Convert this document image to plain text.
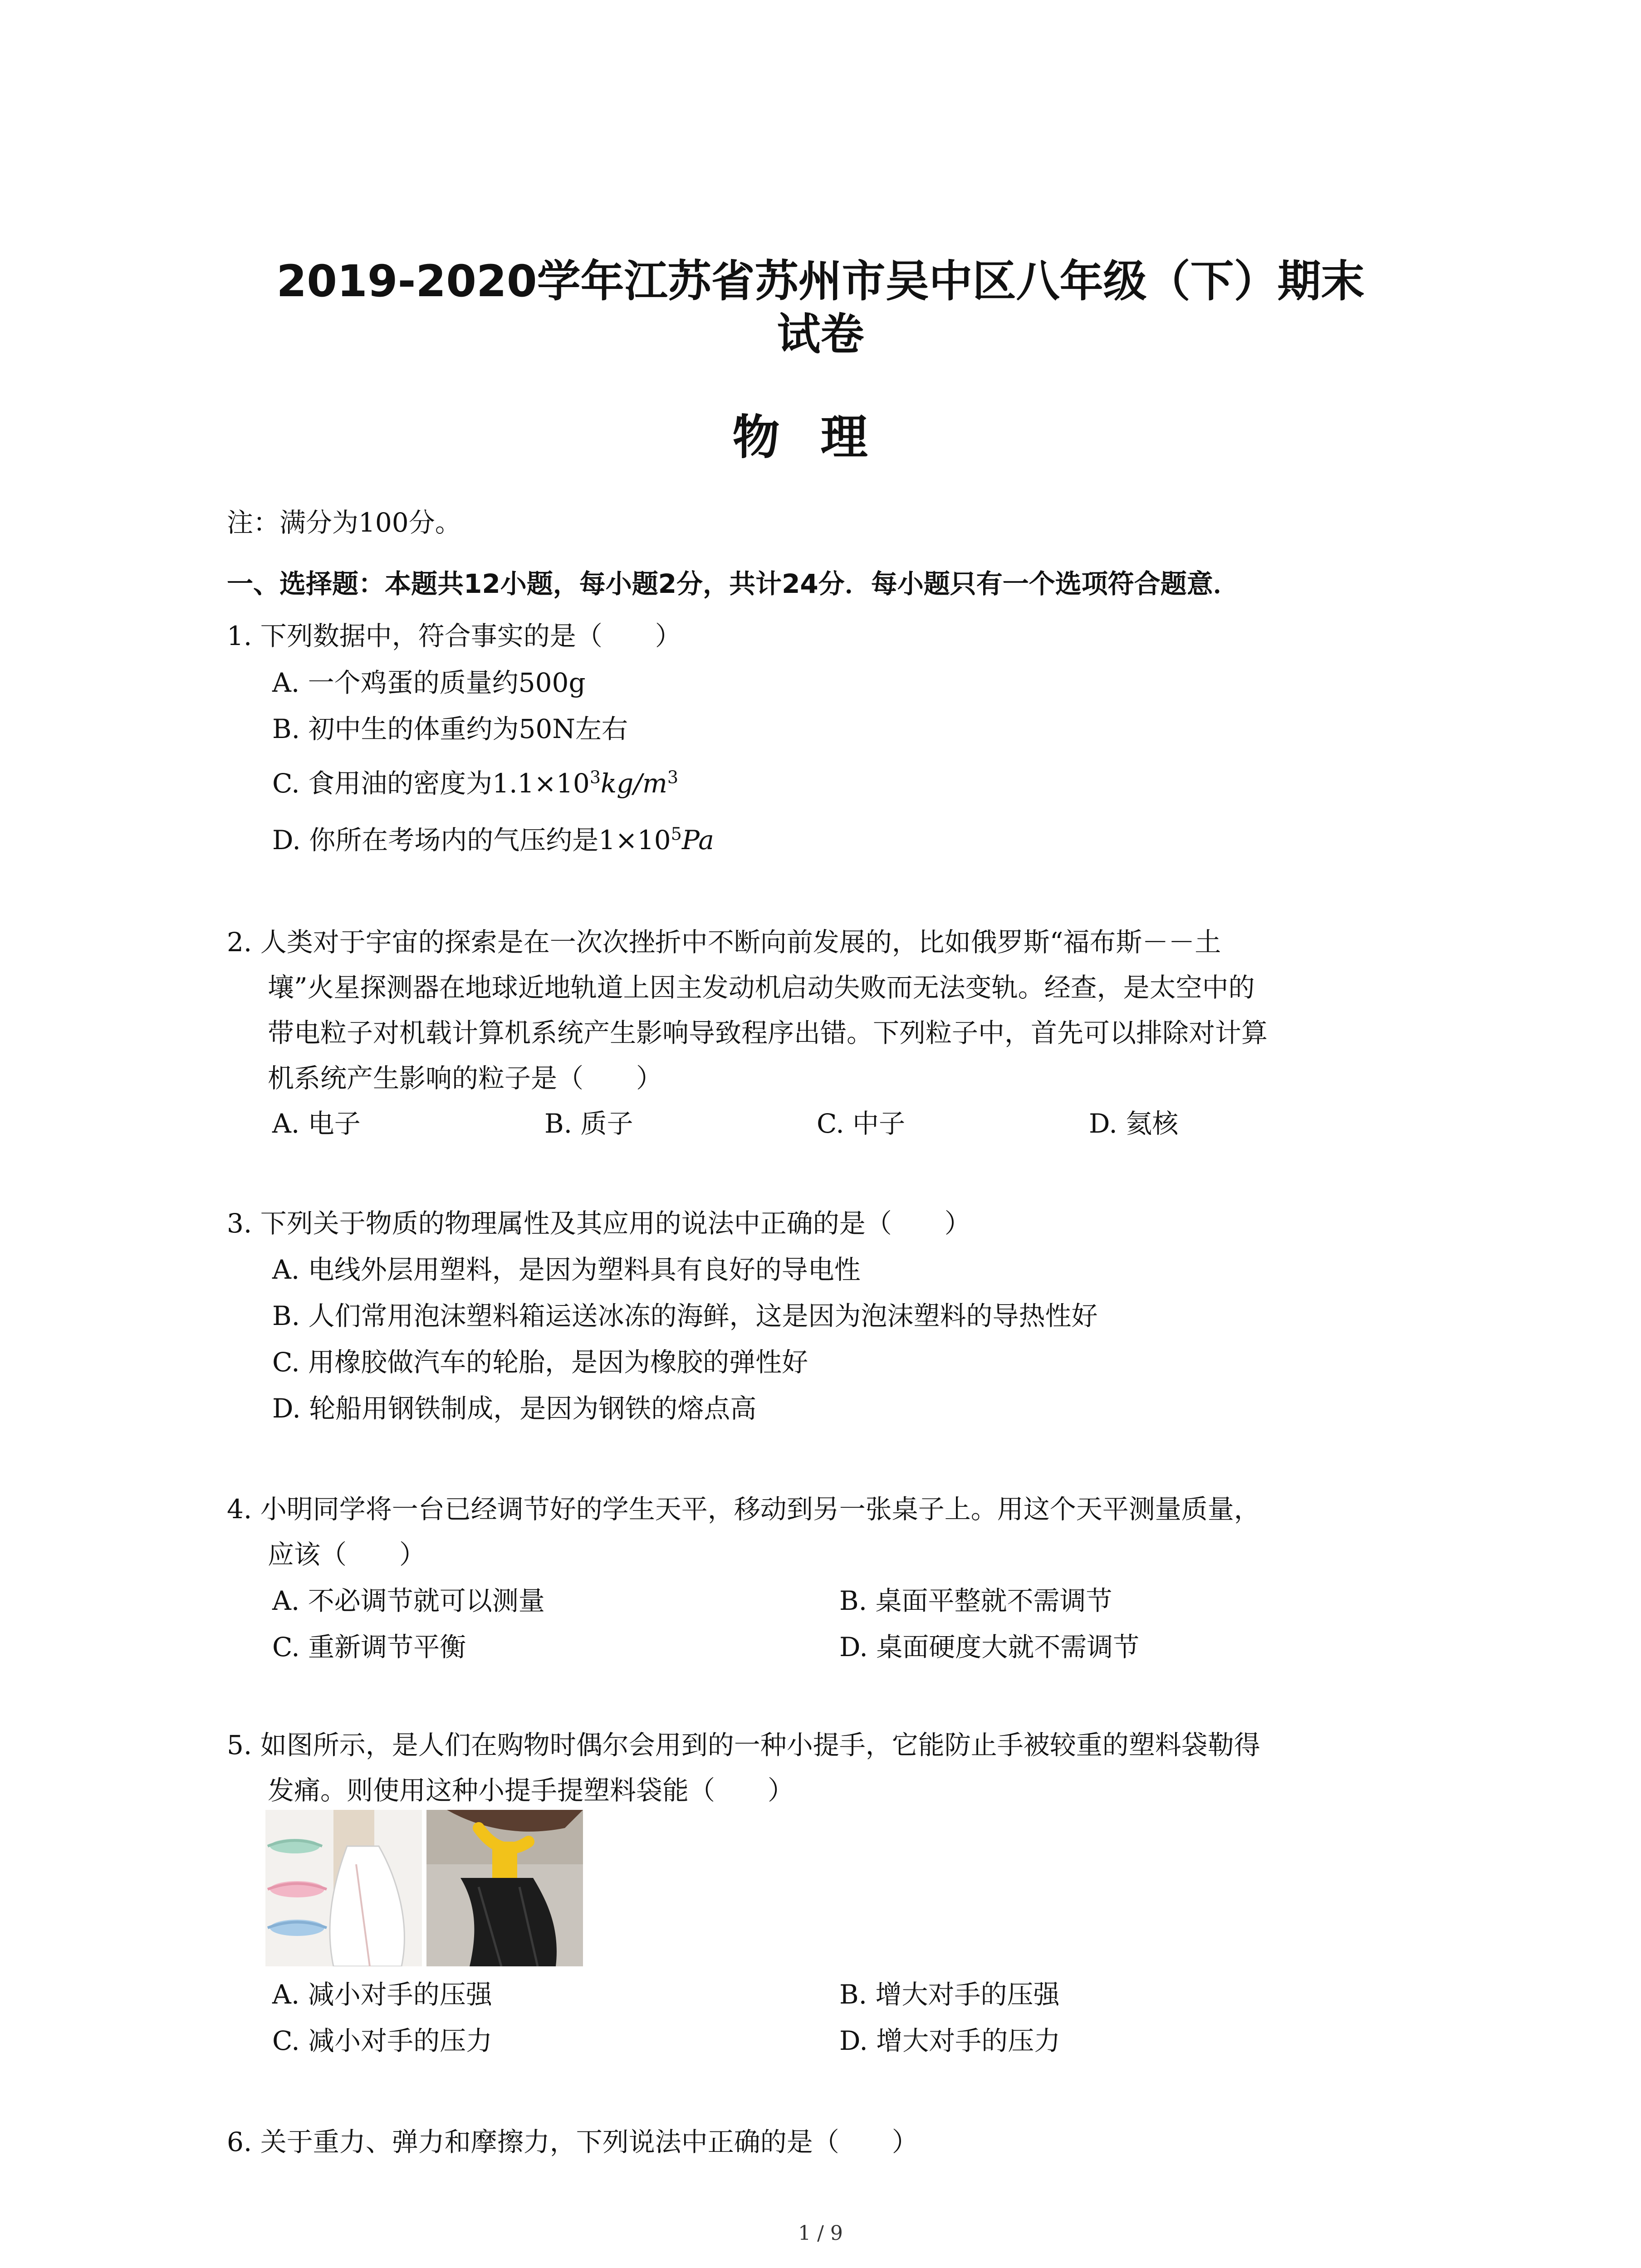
2019-2020学年江苏省苏州市吴中区八年级（下）期末
试卷
物理
注：满分为100分。
一、选择题：本题共12小题，每小题2分，共计24分．每小题只有一个选项符合题意．
1. 下列数据中，符合事实的是（　　）
A. 一个鸡蛋的质量约500g
B. 初中生的体重约为50N左右
C. 食用油的密度为$1.1\times 10^3kg/m^3$
D. 你所在考场内的气压约是$1\times 10^5Pa$
2. 人类对于宇宙的探索是在一次次挫折中不断向前发展的，比如俄罗斯“福布斯－－土
壤”火星探测器在地球近地轨道上因主发动机启动失败而无法变轨。经查，是太空中的
带电粒子对机载计算机系统产生影响导致程序出错。下列粒子中，首先可以排除对计算
机系统产生影响的粒子是（　　）
A. 电子	B. 质子	C. 中子	D. 氦核
3. 下列关于物质的物理属性及其应用的说法中正确的是（　　）
A. 电线外层用塑料，是因为塑料具有良好的导电性
B. 人们常用泡沫塑料箱运送冰冻的海鲜，这是因为泡沫塑料的导热性好
C. 用橡胶做汽车的轮胎，是因为橡胶的弹性好
D. 轮船用钢铁制成，是因为钢铁的熔点高
4. 小明同学将一台已经调节好的学生天平，移动到另一张桌子上。用这个天平测量质量，
应该（　　）
A. 不必调节就可以测量	B. 桌面平整就不需调节
C. 重新调节平衡	D. 桌面硬度大就不需调节
5. 如图所示，是人们在购物时偶尔会用到的一种小提手，它能防止手被较重的塑料袋勒得
发痛。则使用这种小提手提塑料袋能（　　）
A. 减小对手的压强	B. 增大对手的压强
C. 减小对手的压力	D. 增大对手的压力
6. 关于重力、弹力和摩擦力，下列说法中正确的是（　　）
1 / 9
